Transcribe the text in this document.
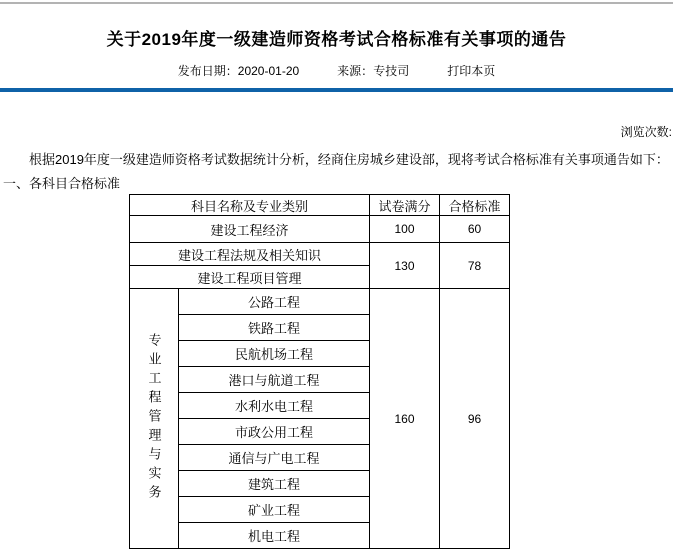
关于2019年度一级建造师资格考试合格标准有关事项的通告
发布日期：2020-01-20	来源：专技司	打印本页
浏览次数:

根据2019年度一级建造师资格考试数据统计分析，经商住房城乡建设部，现将考试合格标准有关事项通告如下：

一、各科目合格标准
科目名称及专业类别		试卷满分	合格标准
建设工程经济		100	60
建设工程法规及相关知识		130	78
建设工程项目管理			

专业工程管理与实务	公路工程	160	96
	铁路工程		
	民航机场工程		
	港口与航道工程		
	水利水电工程		
	市政公用工程		
	通信与广电工程		
	建筑工程		
	矿业工程		
	机电工程		
